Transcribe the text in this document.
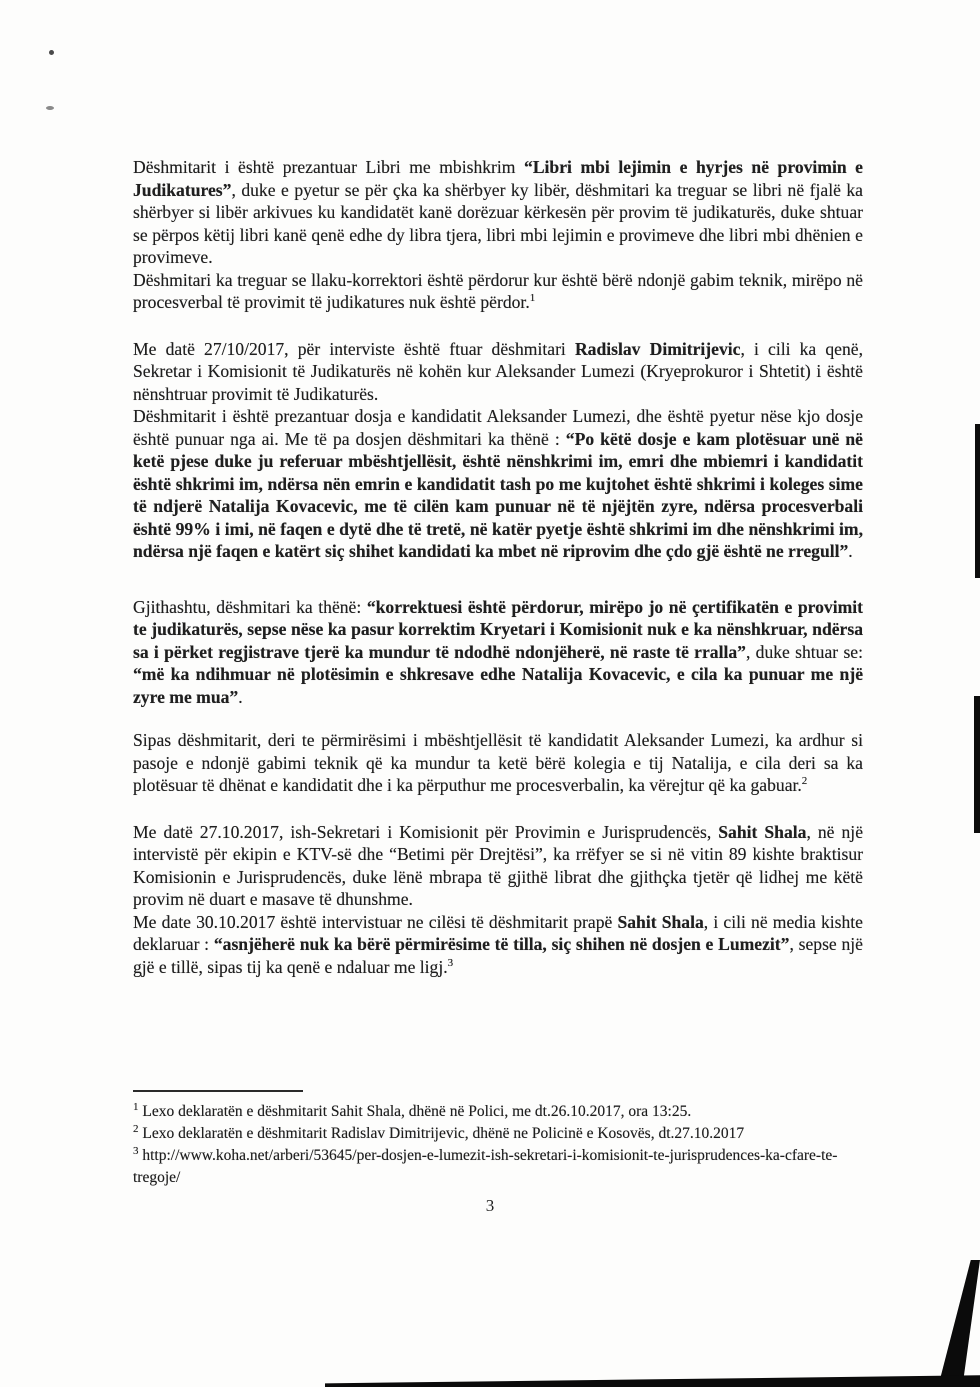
Dëshmitarit i është prezantuar Libri me mbishkrim “Libri mbi lejimin e hyrjes në provimin e Judikatures”, duke e pyetur se për çka ka shërbyer ky libër, dëshmitari ka treguar se libri në fjalë ka shërbyer si libër arkivues ku kandidatët kanë dorëzuar kërkesën për provim të judikaturës, duke shtuar se përpos këtij libri kanë qenë edhe dy libra tjera, libri mbi lejimin e provimeve dhe libri mbi dhënien e provimeve.
Dëshmitari ka treguar se llaku-korrektori është përdorur kur është bërë ndonjë gabim teknik, mirëpo në procesverbal të provimit të judikatures nuk është përdor.$^1$

Me datë 27/10/2017, për interviste është ftuar dëshmitari Radislav Dimitrijevic, i cili ka qenë, Sekretar i Komisionit të Judikaturës në kohën kur Aleksander Lumezi (Kryeprokuror i Shtetit) i është nënshtruar provimit të Judikaturës.
Dëshmitarit i është prezantuar dosja e kandidatit Aleksander Lumezi, dhe është pyetur nëse kjo dosje është punuar nga ai. Me të pa dosjen dëshmitari ka thënë : “Po këtë dosje e kam plotësuar unë në ketë pjese duke ju referuar mbështjellësit, është nënshkrimi im, emri dhe mbiemri i kandidatit është shkrimi im, ndërsa nën emrin e kandidatit tash po me kujtohet është shkrimi i koleges sime të ndjerë Natalija Kovacevic, me të cilën kam punuar në të njëjtën zyre, ndërsa procesverbali është 99% i imi, në faqen e dytë dhe të tretë, në katër pyetje është shkrimi im dhe nënshkrimi im, ndërsa një faqen e katërt siç shihet kandidati ka mbet në riprovim dhe çdo gjë është ne rregull”.

Gjithashtu, dëshmitari ka thënë: “korrektuesi është përdorur, mirëpo jo në çertifikatën e provimit te judikaturës, sepse nëse ka pasur korrektim Kryetari i Komisionit nuk e ka nënshkruar, ndërsa sa i përket regjistrave tjerë ka mundur të ndodhë ndonjëherë, në raste të rralla”, duke shtuar se: “më ka ndihmuar në plotësimin e shkresave edhe Natalija Kovacevic, e cila ka punuar me një zyre me mua”.

Sipas dëshmitarit, deri te përmirësimi i mbështjellësit të kandidatit Aleksander Lumezi, ka ardhur si pasoje e ndonjë gabimi teknik që ka mundur ta ketë bërë kolegia e tij Natalija, e cila deri sa ka plotësuar të dhënat e kandidatit dhe i ka përputhur me procesverbalin, ka vërejtur që ka gabuar.$^2$

Me datë 27.10.2017, ish-Sekretari i Komisionit për Provimin e Jurisprudencës, Sahit Shala, në një intervistë për ekipin e KTV-së dhe “Betimi për Drejtësi”, ka rrëfyer se si në vitin 89 kishte braktisur Komisionin e Jurisprudencës, duke lënë mbrapa të gjithë librat dhe gjithçka tjetër që lidhej me këtë provim në duart e masave të dhunshme.
Me date 30.10.2017 është intervistuar ne cilësi të dëshmitarit prapë Sahit Shala, i cili në media kishte deklaruar : “asnjëherë nuk ka bërë përmirësime të tilla, siç shihen në dosjen e Lumezit”, sepse një gjë e tillë, sipas tij ka qenë e ndaluar me ligj.$^3$

$^1$ Lexo deklaratën e dëshmitarit Sahit Shala, dhënë në Polici, me dt.26.10.2017, ora 13:25.
$^2$ Lexo deklaratën e dëshmitarit Radislav Dimitrijevic, dhënë ne Policinë e Kosovës, dt.27.10.2017
$^3$ http://www.koha.net/arberi/53645/per-dosjen-e-lumezit-ish-sekretari-i-komisionit-te-jurisprudences-ka-cfare-te-tregoje/
3
